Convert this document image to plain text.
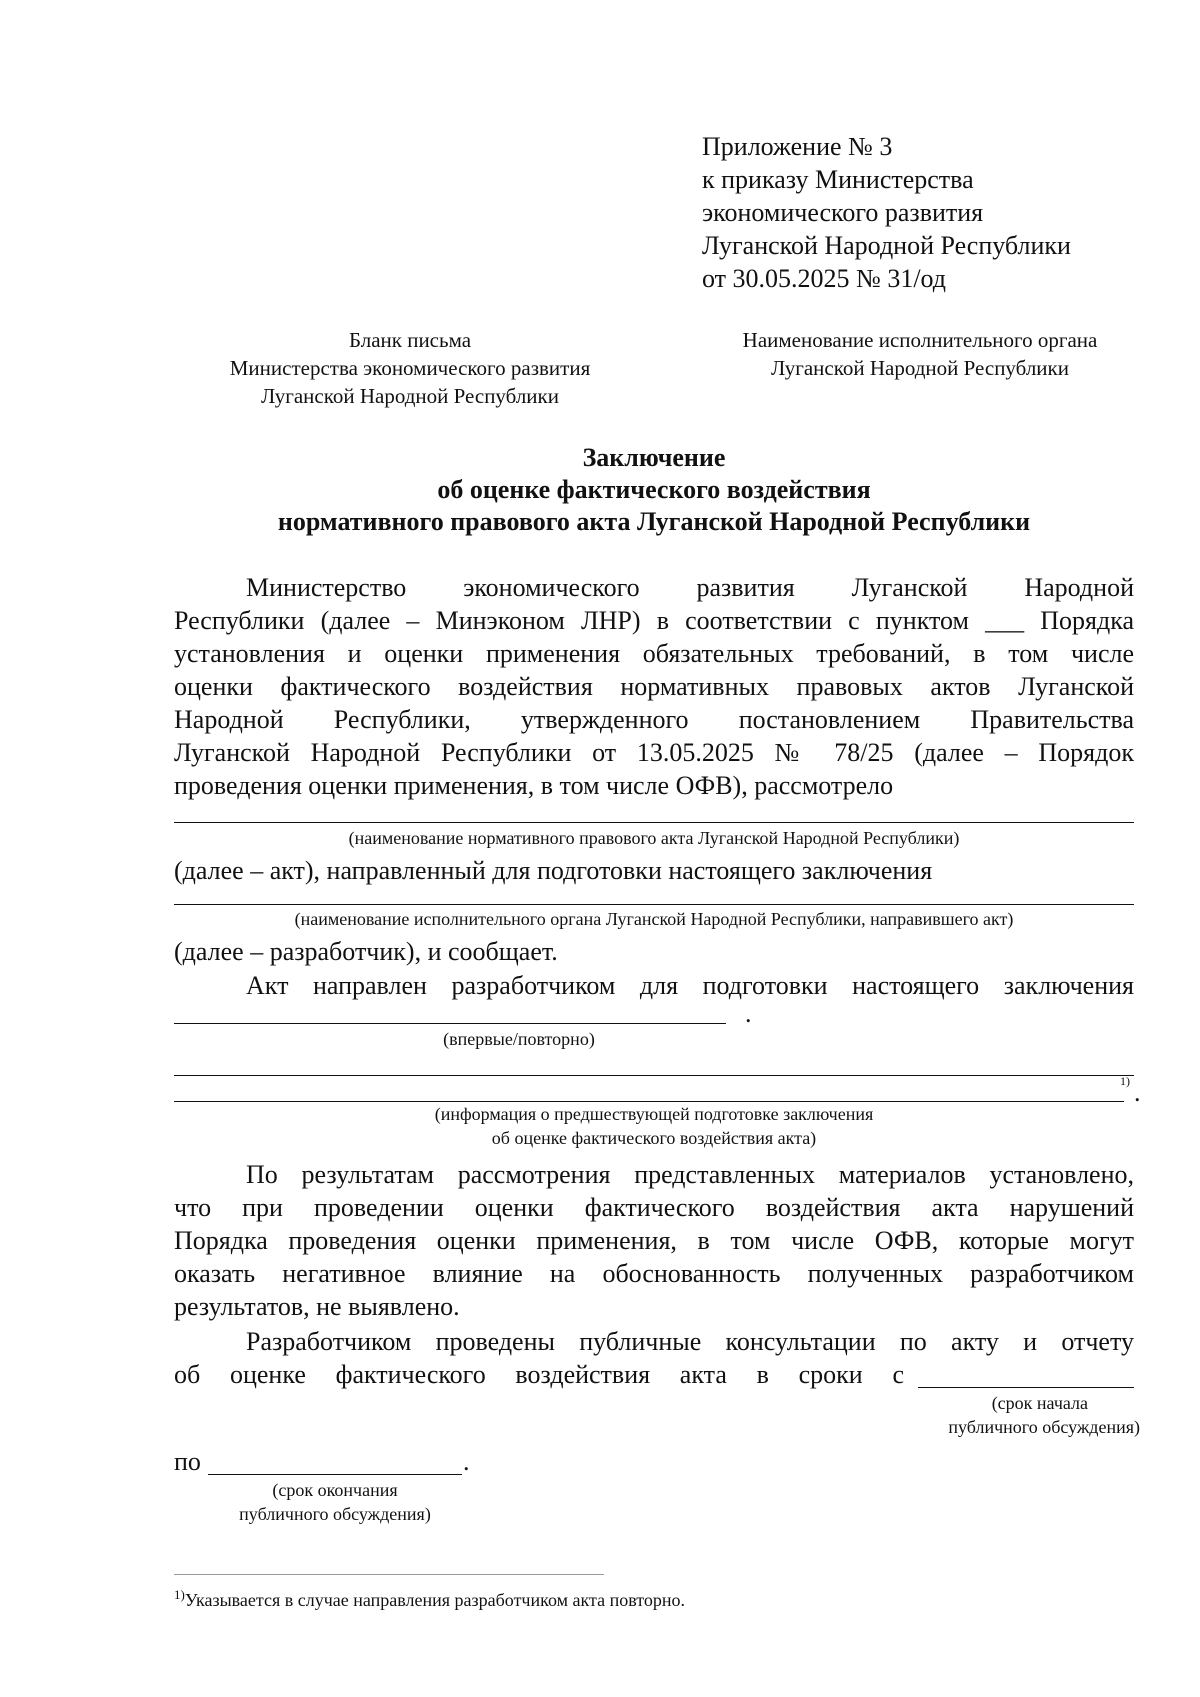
Приложение № 3
к приказу Министерства
экономического развития
Луганской Народной Республики
от 30.05.2025 № 31/од
Бланк письма
Министерства экономического развития
Луганской Народной Республики
Наименование исполнительного органа
Луганской Народной Республики
Заключение
об оценке фактического воздействия
нормативного правового акта Луганской Народной Республики
Министерство экономического развития Луганской Народной
Республики (далее – Минэконом ЛНР) в соответствии с пунктом ___ Порядка
установления и оценки применения обязательных требований, в том числе
оценки фактического воздействия нормативных правовых актов Луганской
Народной Республики, утвержденного постановлением Правительства
Луганской Народной Республики от 13.05.2025 № 78/25 (далее – Порядок
проведения оценки применения, в том числе ОФВ), рассмотрело
(наименование нормативного правового акта Луганской Народной Республики)
(далее – акт), направленный для подготовки настоящего заключения
(наименование исполнительного органа Луганской Народной Республики, направившего акт)
(далее – разработчик), и сообщает.
Акт направлен разработчиком для подготовки настоящего заключения
.
(впервые/повторно)
1) .
(информация о предшествующей подготовке заключения
об оценке фактического воздействия акта)
По результатам рассмотрения представленных материалов установлено,
что при проведении оценки фактического воздействия акта нарушений
Порядка проведения оценки применения, в том числе ОФВ, которые могут
оказать негативное влияние на обоснованность полученных разработчиком
результатов, не выявлено.
Разработчиком проведены публичные консультации по акту и отчету
об оценке фактического воздействия акта в сроки с
(срок начала
публичного обсуждения)
по	.
(срок окончания
публичного обсуждения)
$^{1)}$Указывается в случае направления разработчиком акта повторно.
